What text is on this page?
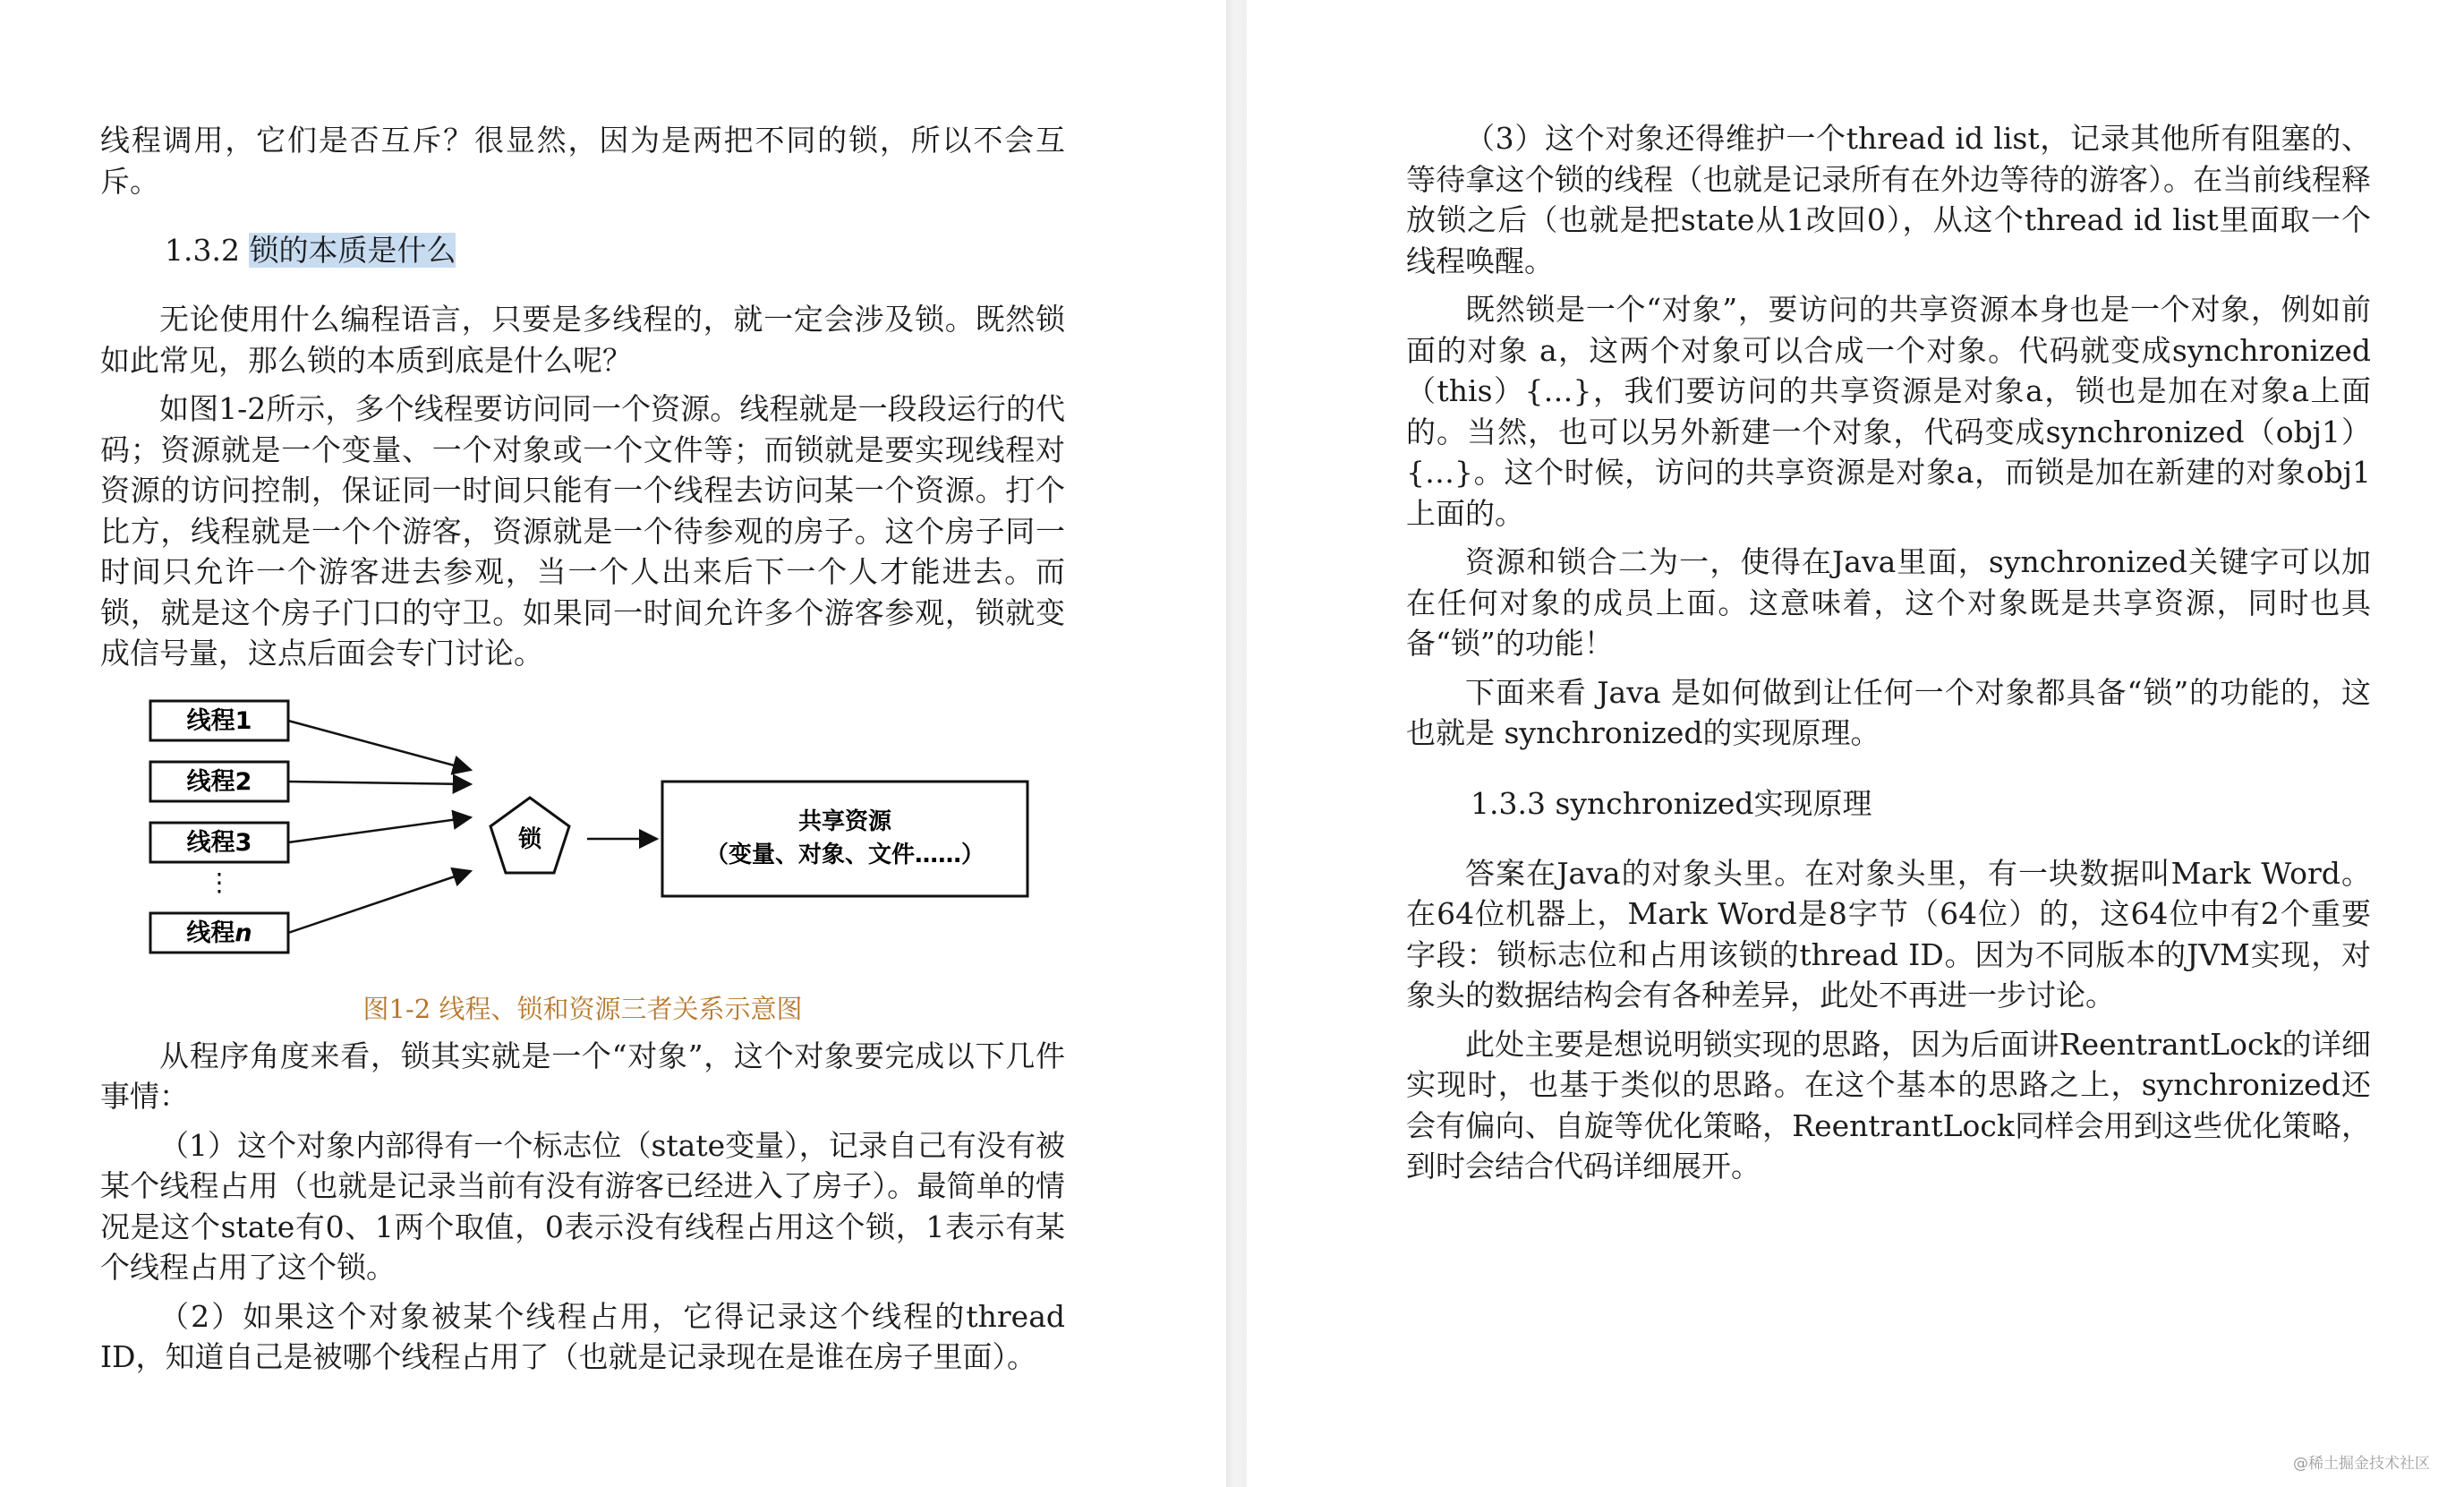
线程调用，它们是否互斥？很显然，因为是两把不同的锁，所以不会互斥。

1.3.2 锁的本质是什么

无论使用什么编程语言，只要是多线程的，就一定会涉及锁。既然锁如此常见，那么锁的本质到底是什么呢？

如图1-2所示，多个线程要访问同一个资源。线程就是一段段运行的代码；资源就是一个变量、一个对象或一个文件等；而锁就是要实现线程对资源的访问控制，保证同一时间只能有一个线程去访问某一个资源。打个比方，线程就是一个个游客，资源就是一个待参观的房子。这个房子同一时间只允许一个游客进去参观，当一个人出来后下一个人才能进去。而锁，就是这个房子门口的守卫。如果同一时间允许多个游客参观，锁就变成信号量，这点后面会专门讨论。

线程1
线程2
线程3
⋮
线程n
锁
共享资源
（变量、对象、文件……）
图1-2 线程、锁和资源三者关系示意图

从程序角度来看，锁其实就是一个“对象”，这个对象要完成以下几件事情：

（1）这个对象内部得有一个标志位（state变量），记录自己有没有被某个线程占用（也就是记录当前有没有游客已经进入了房子）。最简单的情况是这个state有0、1两个取值，0表示没有线程占用这个锁，1表示有某个线程占用了这个锁。

（2）如果这个对象被某个线程占用，它得记录这个线程的thread ID，知道自己是被哪个线程占用了（也就是记录现在是谁在房子里面）。

（3）这个对象还得维护一个thread id list，记录其他所有阻塞的、等待拿这个锁的线程（也就是记录所有在外边等待的游客）。在当前线程释放锁之后（也就是把state从1改回0），从这个thread id list里面取一个线程唤醒。

既然锁是一个“对象”，要访问的共享资源本身也是一个对象，例如前面的对象 a，这两个对象可以合成一个对象。代码就变成synchronized（this）{…}，我们要访问的共享资源是对象a，锁也是加在对象a上面的。当然，也可以另外新建一个对象，代码变成synchronized（obj1）{…}。这个时候，访问的共享资源是对象a，而锁是加在新建的对象obj1上面的。

资源和锁合二为一，使得在Java里面，synchronized关键字可以加在任何对象的成员上面。这意味着，这个对象既是共享资源，同时也具备“锁”的功能！

下面来看 Java 是如何做到让任何一个对象都具备“锁”的功能的，这也就是 synchronized的实现原理。

1.3.3 synchronized实现原理

答案在Java的对象头里。在对象头里，有一块数据叫Mark Word。在64位机器上，Mark Word是8字节（64位）的，这64位中有2个重要字段：锁标志位和占用该锁的thread ID。因为不同版本的JVM实现，对象头的数据结构会有各种差异，此处不再进一步讨论。

此处主要是想说明锁实现的思路，因为后面讲ReentrantLock的详细实现时，也基于类似的思路。在这个基本的思路之上，synchronized还会有偏向、自旋等优化策略，ReentrantLock同样会用到这些优化策略，到时会结合代码详细展开。

@稀土掘金技术社区
